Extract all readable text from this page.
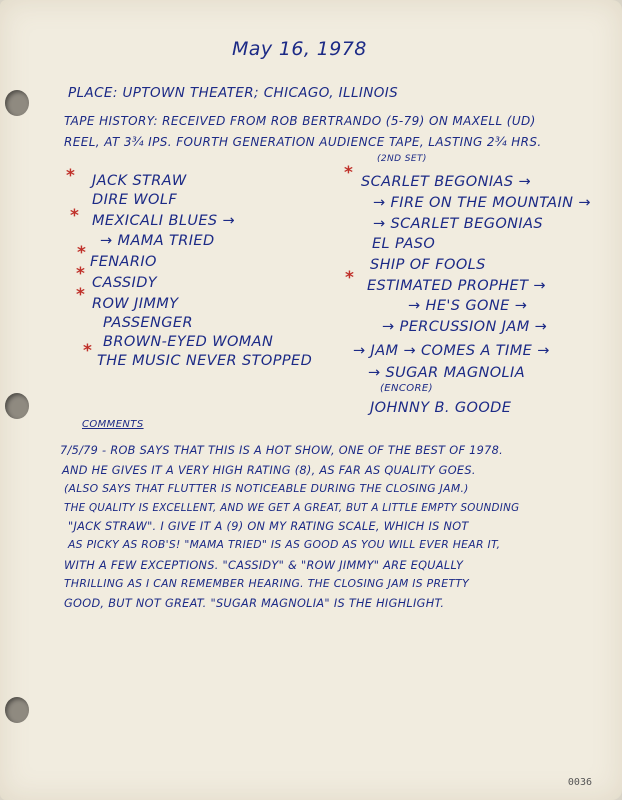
May 16, 1978
PLACE: UPTOWN THEATER; CHICAGO, ILLINOIS
TAPE HISTORY: RECEIVED FROM ROB BERTRANDO (5-79) ON MAXELL (UD)
REEL, AT 3¾ IPS. FOURTH GENERATION AUDIENCE TAPE, LASTING 2¾ HRS.
* JACK STRAW
DIRE WOLF
* MEXICALI BLUES →
→ MAMA TRIED
* FENARIO
* CASSIDY
* ROW JIMMY
PASSENGER
BROWN-EYED WOMAN
* THE MUSIC NEVER STOPPED
(2ND SET)
* SCARLET BEGONIAS →
→ FIRE ON THE MOUNTAIN →
→ SCARLET BEGONIAS
EL PASO
SHIP OF FOOLS
* ESTIMATED PROPHET →
→ HE'S GONE →
→ PERCUSSION JAM →
→ JAM → COMES A TIME →
→ SUGAR MAGNOLIA
(ENCORE)
JOHNNY B. GOODE
COMMENTS
7/5/79 - ROB SAYS THAT THIS IS A HOT SHOW, ONE OF THE BEST OF 1978.
AND HE GIVES IT A VERY HIGH RATING (8), AS FAR AS QUALITY GOES.
(ALSO SAYS THAT FLUTTER IS NOTICEABLE DURING THE CLOSING JAM.)
THE QUALITY IS EXCELLENT, AND WE GET A GREAT, BUT A LITTLE EMPTY SOUNDING
"JACK STRAW". I GIVE IT A (9) ON MY RATING SCALE, WHICH IS NOT
AS PICKY AS ROB'S! "MAMA TRIED" IS AS GOOD AS YOU WILL EVER HEAR IT,
WITH A FEW EXCEPTIONS. "CASSIDY" & "ROW JIMMY" ARE EQUALLY
THRILLING AS I CAN REMEMBER HEARING. THE CLOSING JAM IS PRETTY
GOOD, BUT NOT GREAT. "SUGAR MAGNOLIA" IS THE HIGHLIGHT.
0036
